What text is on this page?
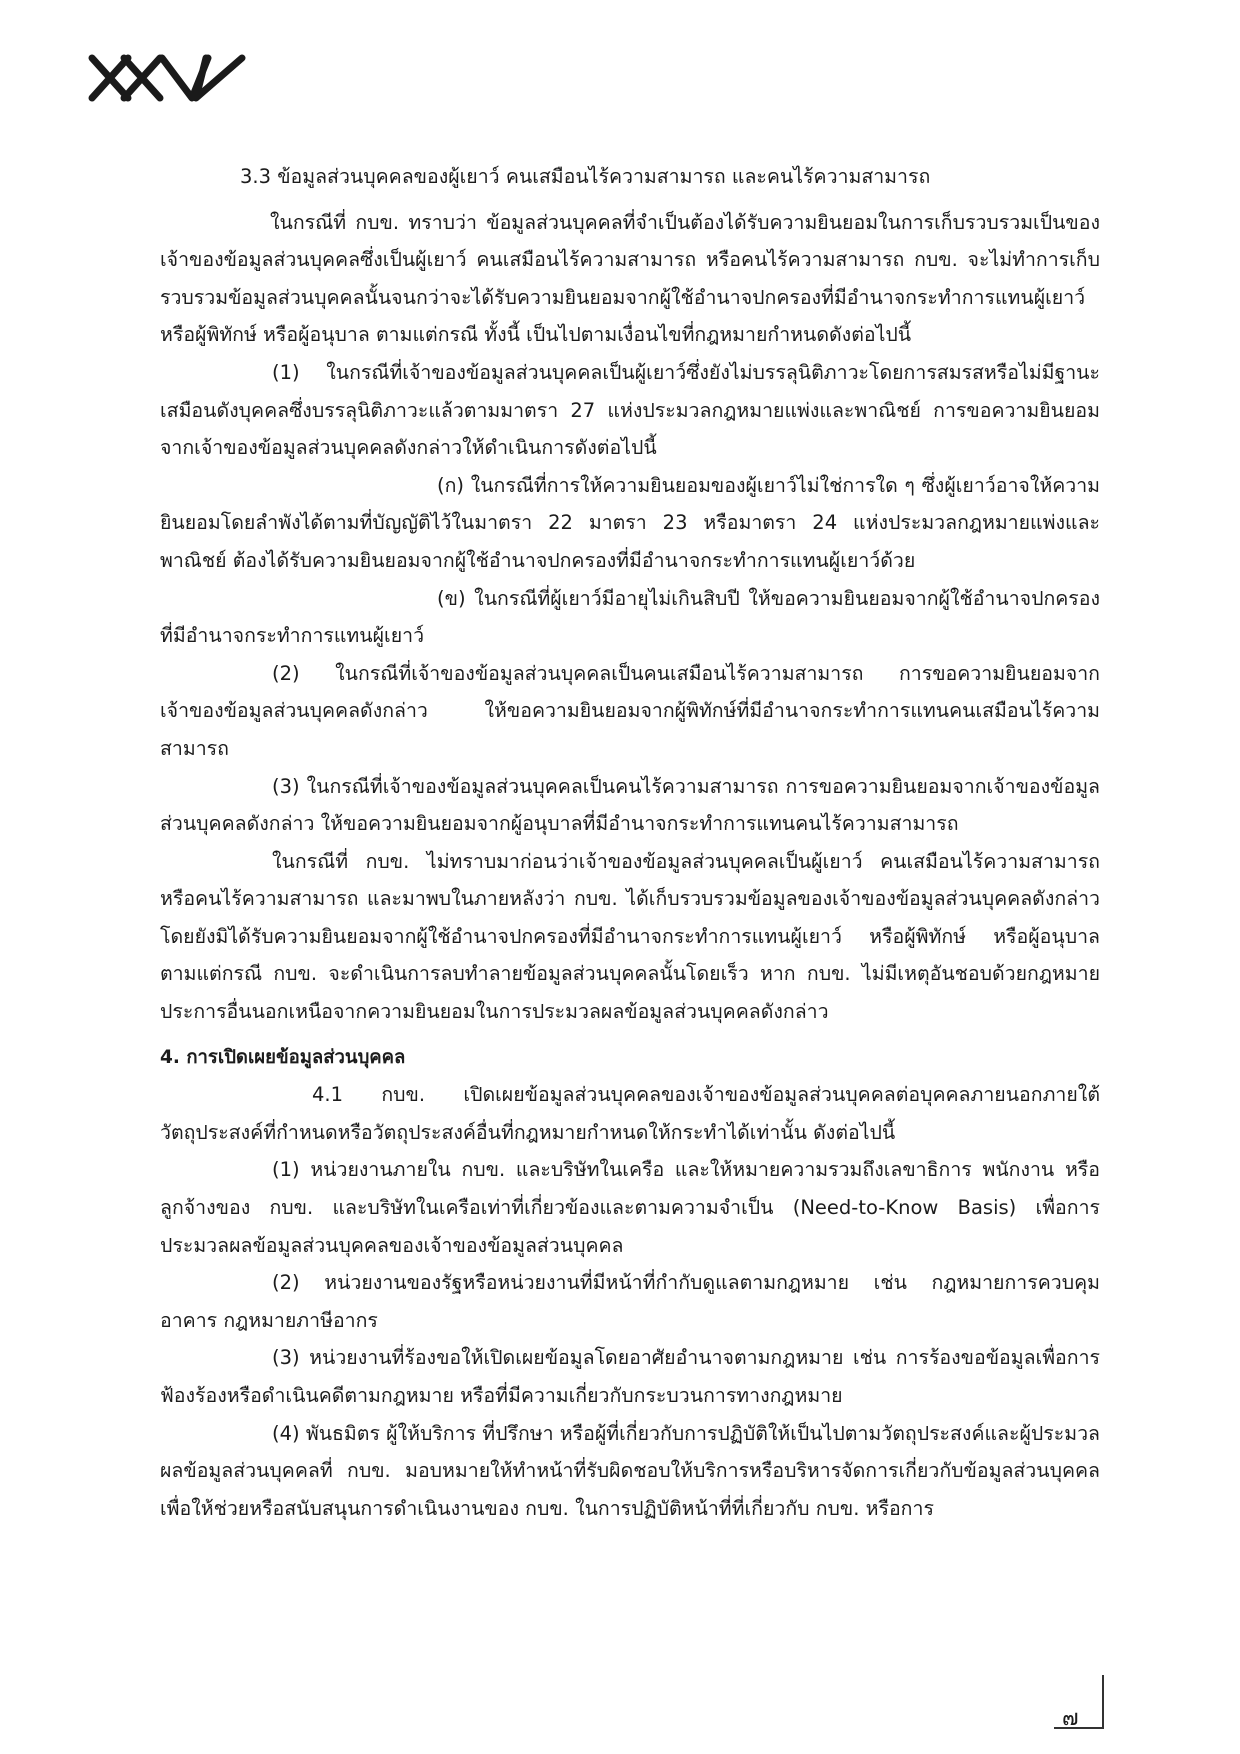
3.3 ข้อมูลส่วนบุคคลของผู้เยาว์ คนเสมือนไร้ความสามารถ และคนไร้ความสามารถ

ในกรณีที่ กบข. ทราบว่า ข้อมูลส่วนบุคคลที่จำเป็นต้องได้รับความยินยอมในการเก็บรวบรวมเป็นของเจ้าของข้อมูลส่วนบุคคลซึ่งเป็นผู้เยาว์ คนเสมือนไร้ความสามารถ หรือคนไร้ความสามารถ กบข. จะไม่ทำการเก็บรวบรวมข้อมูลส่วนบุคคลนั้นจนกว่าจะได้รับความยินยอมจากผู้ใช้อำนาจปกครองที่มีอำนาจกระทำการแทนผู้เยาว์ หรือผู้พิทักษ์ หรือผู้อนุบาล ตามแต่กรณี ทั้งนี้ เป็นไปตามเงื่อนไขที่กฎหมายกำหนดดังต่อไปนี้

(1) ในกรณีที่เจ้าของข้อมูลส่วนบุคคลเป็นผู้เยาว์ซึ่งยังไม่บรรลุนิติภาวะโดยการสมรสหรือไม่มีฐานะเสมือนดังบุคคลซึ่งบรรลุนิติภาวะแล้วตามมาตรา 27 แห่งประมวลกฎหมายแพ่งและพาณิชย์ การขอความยินยอมจากเจ้าของข้อมูลส่วนบุคคลดังกล่าวให้ดำเนินการดังต่อไปนี้

(ก) ในกรณีที่การให้ความยินยอมของผู้เยาว์ไม่ใช่การใด ๆ ซึ่งผู้เยาว์อาจให้ความยินยอมโดยลำพังได้ตามที่บัญญัติไว้ในมาตรา 22 มาตรา 23 หรือมาตรา 24 แห่งประมวลกฎหมายแพ่งและพาณิชย์ ต้องได้รับความยินยอมจากผู้ใช้อำนาจปกครองที่มีอำนาจกระทำการแทนผู้เยาว์ด้วย

(ข) ในกรณีที่ผู้เยาว์มีอายุไม่เกินสิบปี ให้ขอความยินยอมจากผู้ใช้อำนาจปกครองที่มีอำนาจกระทำการแทนผู้เยาว์

(2) ในกรณีที่เจ้าของข้อมูลส่วนบุคคลเป็นคนเสมือนไร้ความสามารถ การขอความยินยอมจากเจ้าของข้อมูลส่วนบุคคลดังกล่าว ให้ขอความยินยอมจากผู้พิทักษ์ที่มีอำนาจกระทำการแทนคนเสมือนไร้ความสามารถ

(3) ในกรณีที่เจ้าของข้อมูลส่วนบุคคลเป็นคนไร้ความสามารถ การขอความยินยอมจากเจ้าของข้อมูลส่วนบุคคลดังกล่าว ให้ขอความยินยอมจากผู้อนุบาลที่มีอำนาจกระทำการแทนคนไร้ความสามารถ

ในกรณีที่ กบข. ไม่ทราบมาก่อนว่าเจ้าของข้อมูลส่วนบุคคลเป็นผู้เยาว์ คนเสมือนไร้ความสามารถหรือคนไร้ความสามารถ และมาพบในภายหลังว่า กบข. ได้เก็บรวบรวมข้อมูลของเจ้าของข้อมูลส่วนบุคคลดังกล่าว โดยยังมิได้รับความยินยอมจากผู้ใช้อำนาจปกครองที่มีอำนาจกระทำการแทนผู้เยาว์ หรือผู้พิทักษ์ หรือผู้อนุบาล ตามแต่กรณี กบข. จะดำเนินการลบทำลายข้อมูลส่วนบุคคลนั้นโดยเร็ว หาก กบข. ไม่มีเหตุอันชอบด้วยกฎหมายประการอื่นนอกเหนือจากความยินยอมในการประมวลผลข้อมูลส่วนบุคคลดังกล่าว

4. การเปิดเผยข้อมูลส่วนบุคคล

4.1 กบข. เปิดเผยข้อมูลส่วนบุคคลของเจ้าของข้อมูลส่วนบุคคลต่อบุคคลภายนอกภายใต้วัตถุประสงค์ที่กำหนดหรือวัตถุประสงค์อื่นที่กฎหมายกำหนดให้กระทำได้เท่านั้น ดังต่อไปนี้

(1) หน่วยงานภายใน กบข. และบริษัทในเครือ และให้หมายความรวมถึงเลขาธิการ พนักงาน หรือลูกจ้างของ กบข. และบริษัทในเครือเท่าที่เกี่ยวข้องและตามความจำเป็น (Need-to-Know Basis) เพื่อการประมวลผลข้อมูลส่วนบุคคลของเจ้าของข้อมูลส่วนบุคคล

(2) หน่วยงานของรัฐหรือหน่วยงานที่มีหน้าที่กำกับดูแลตามกฎหมาย เช่น กฎหมายการควบคุมอาคาร กฎหมายภาษีอากร

(3) หน่วยงานที่ร้องขอให้เปิดเผยข้อมูลโดยอาศัยอำนาจตามกฎหมาย เช่น การร้องขอข้อมูลเพื่อการฟ้องร้องหรือดำเนินคดีตามกฎหมาย หรือที่มีความเกี่ยวกับกระบวนการทางกฎหมาย

(4) พันธมิตร ผู้ให้บริการ ที่ปรึกษา หรือผู้ที่เกี่ยวกับการปฏิบัติให้เป็นไปตามวัตถุประสงค์และผู้ประมวลผลข้อมูลส่วนบุคคลที่ กบข. มอบหมายให้ทำหน้าที่รับผิดชอบให้บริการหรือบริหารจัดการเกี่ยวกับข้อมูลส่วนบุคคล เพื่อให้ช่วยหรือสนับสนุนการดำเนินงานของ กบข. ในการปฏิบัติหน้าที่ที่เกี่ยวกับ กบข. หรือการ

๗
